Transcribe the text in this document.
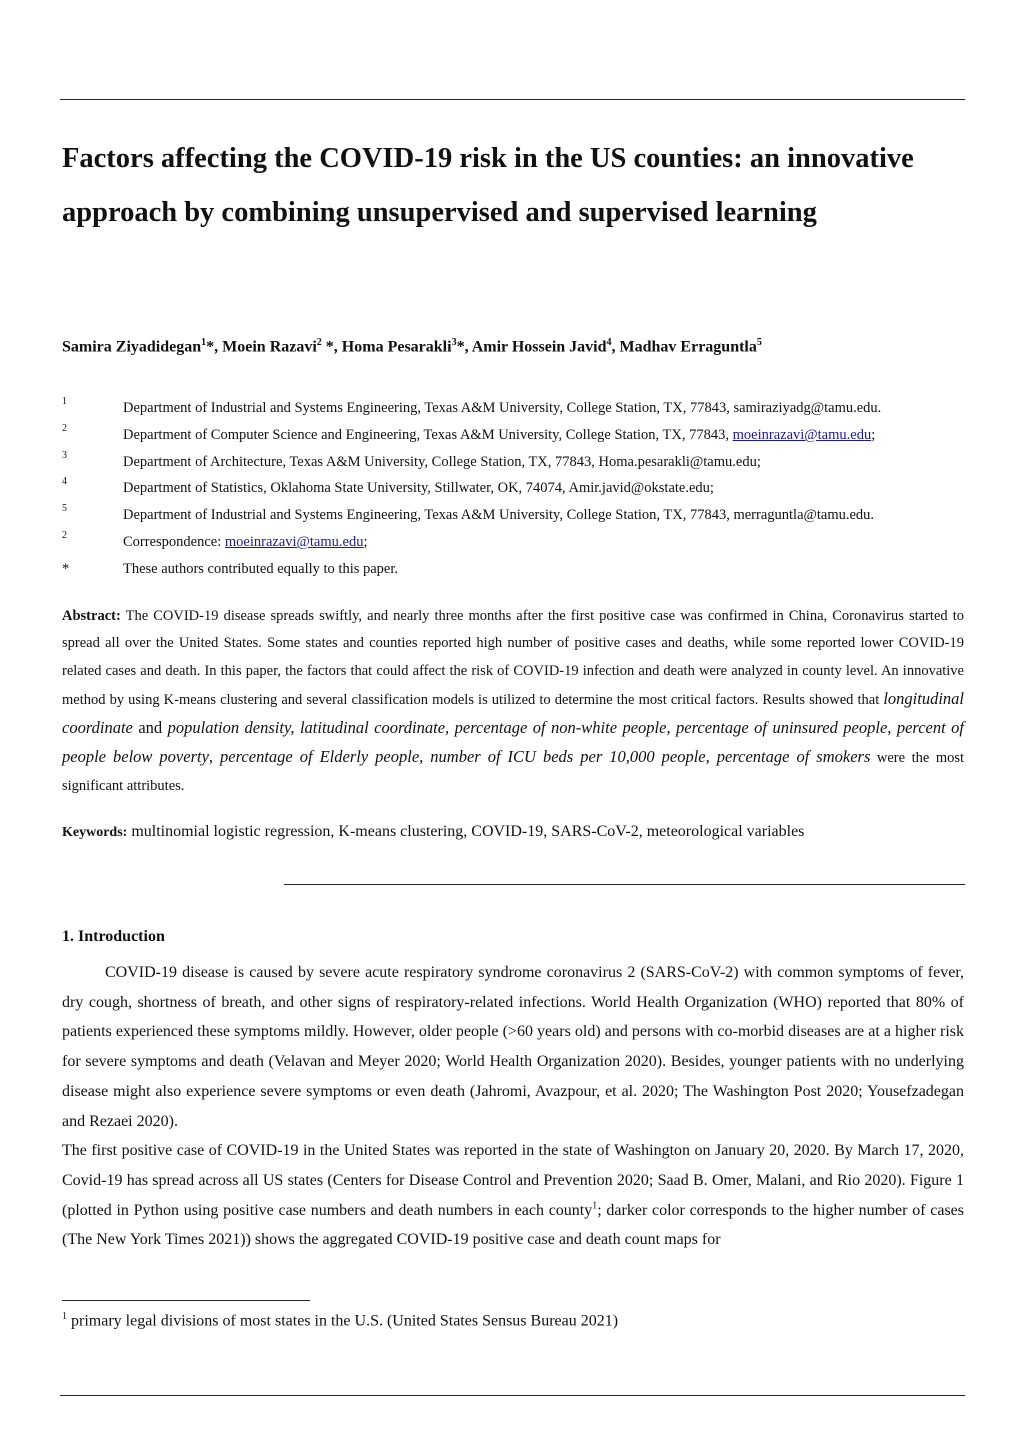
Factors affecting the COVID-19 risk in the US counties: an innovative approach by combining unsupervised and supervised learning
Samira Ziyadidegan$^1$*, Moein Razavi$^2$ *, Homa Pesarakli$^3$*, Amir Hossein Javid$^4$, Madhav Erraguntla$^5$
1	Department of Industrial and Systems Engineering, Texas A&M University, College Station, TX, 77843, samiraziyadg@tamu.edu.
2	Department of Computer Science and Engineering, Texas A&M University, College Station, TX, 77843, moeinrazavi@tamu.edu;
3	Department of Architecture, Texas A&M University, College Station, TX, 77843, Homa.pesarakli@tamu.edu;
4	Department of Statistics, Oklahoma State University, Stillwater, OK, 74074, Amir.javid@okstate.edu;
5	Department of Industrial and Systems Engineering, Texas A&M University, College Station, TX, 77843, merraguntla@tamu.edu.
2	Correspondence: moeinrazavi@tamu.edu;
*	These authors contributed equally to this paper.

Abstract: The COVID-19 disease spreads swiftly, and nearly three months after the first positive case was confirmed in China, Coronavirus started to spread all over the United States. Some states and counties reported high number of positive cases and deaths, while some reported lower COVID-19 related cases and death. In this paper, the factors that could affect the risk of COVID-19 infection and death were analyzed in county level. An innovative method by using K-means clustering and several classification models is utilized to determine the most critical factors. Results showed that longitudinal coordinate and population density, latitudinal coordinate, percentage of non-white people, percentage of uninsured people, percent of people below poverty, percentage of Elderly people, number of ICU beds per 10,000 people, percentage of smokers were the most significant attributes.

Keywords: multinomial logistic regression, K-means clustering, COVID-19, SARS-CoV-2, meteorological variables
1. Introduction

COVID-19 disease is caused by severe acute respiratory syndrome coronavirus 2 (SARS-CoV-2) with common symptoms of fever, dry cough, shortness of breath, and other signs of respiratory-related infections. World Health Organization (WHO) reported that 80% of patients experienced these symptoms mildly. However, older people (>60 years old) and persons with co-morbid diseases are at a higher risk for severe symptoms and death (Velavan and Meyer 2020; World Health Organization 2020). Besides, younger patients with no underlying disease might also experience severe symptoms or even death (Jahromi, Avazpour, et al. 2020; The Washington Post 2020; Yousefzadegan and Rezaei 2020).

The first positive case of COVID-19 in the United States was reported in the state of Washington on January 20, 2020. By March 17, 2020, Covid-19 has spread across all US states (Centers for Disease Control and Prevention 2020; Saad B. Omer, Malani, and Rio 2020). Figure 1 (plotted in Python using positive case numbers and death numbers in each county$^1$; darker color corresponds to the higher number of cases (The New York Times 2021)) shows the aggregated COVID-19 positive case and death count maps for

$^1$ primary legal divisions of most states in the U.S. (United States Sensus Bureau 2021)
